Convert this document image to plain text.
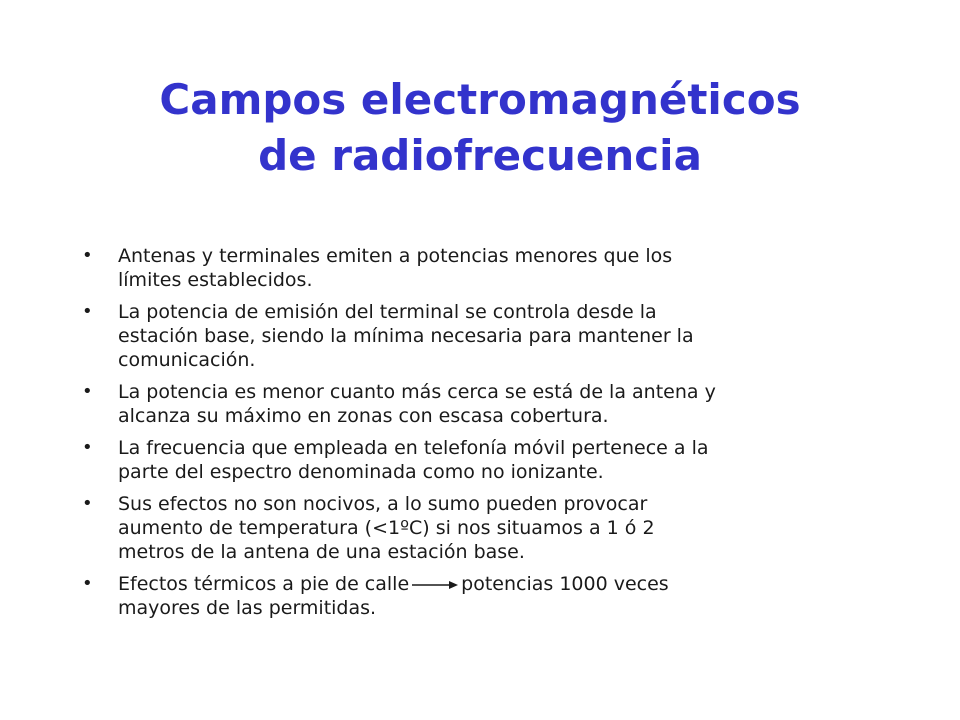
Campos electromagnéticos
de radiofrecuencia
•	Antenas y terminales emiten a potencias menores que los
límites establecidos.
•	La potencia de emisión del terminal se controla desde la
estación base, siendo la mínima necesaria para mantener la
comunicación.
•	La potencia es menor cuanto más cerca se está de la antena y
alcanza su máximo en zonas con escasa cobertura.
•	La frecuencia que empleada en telefonía móvil pertenece a la
parte del espectro denominada como no ionizante.
•	Sus efectos no son nocivos, a lo sumo pueden provocar
aumento de temperatura (<1ºC) si nos situamos a 1 ó 2
metros de la antena de una estación base.
•	Efectos térmicos a pie de calle	potencias 1000 veces
mayores de las permitidas.
